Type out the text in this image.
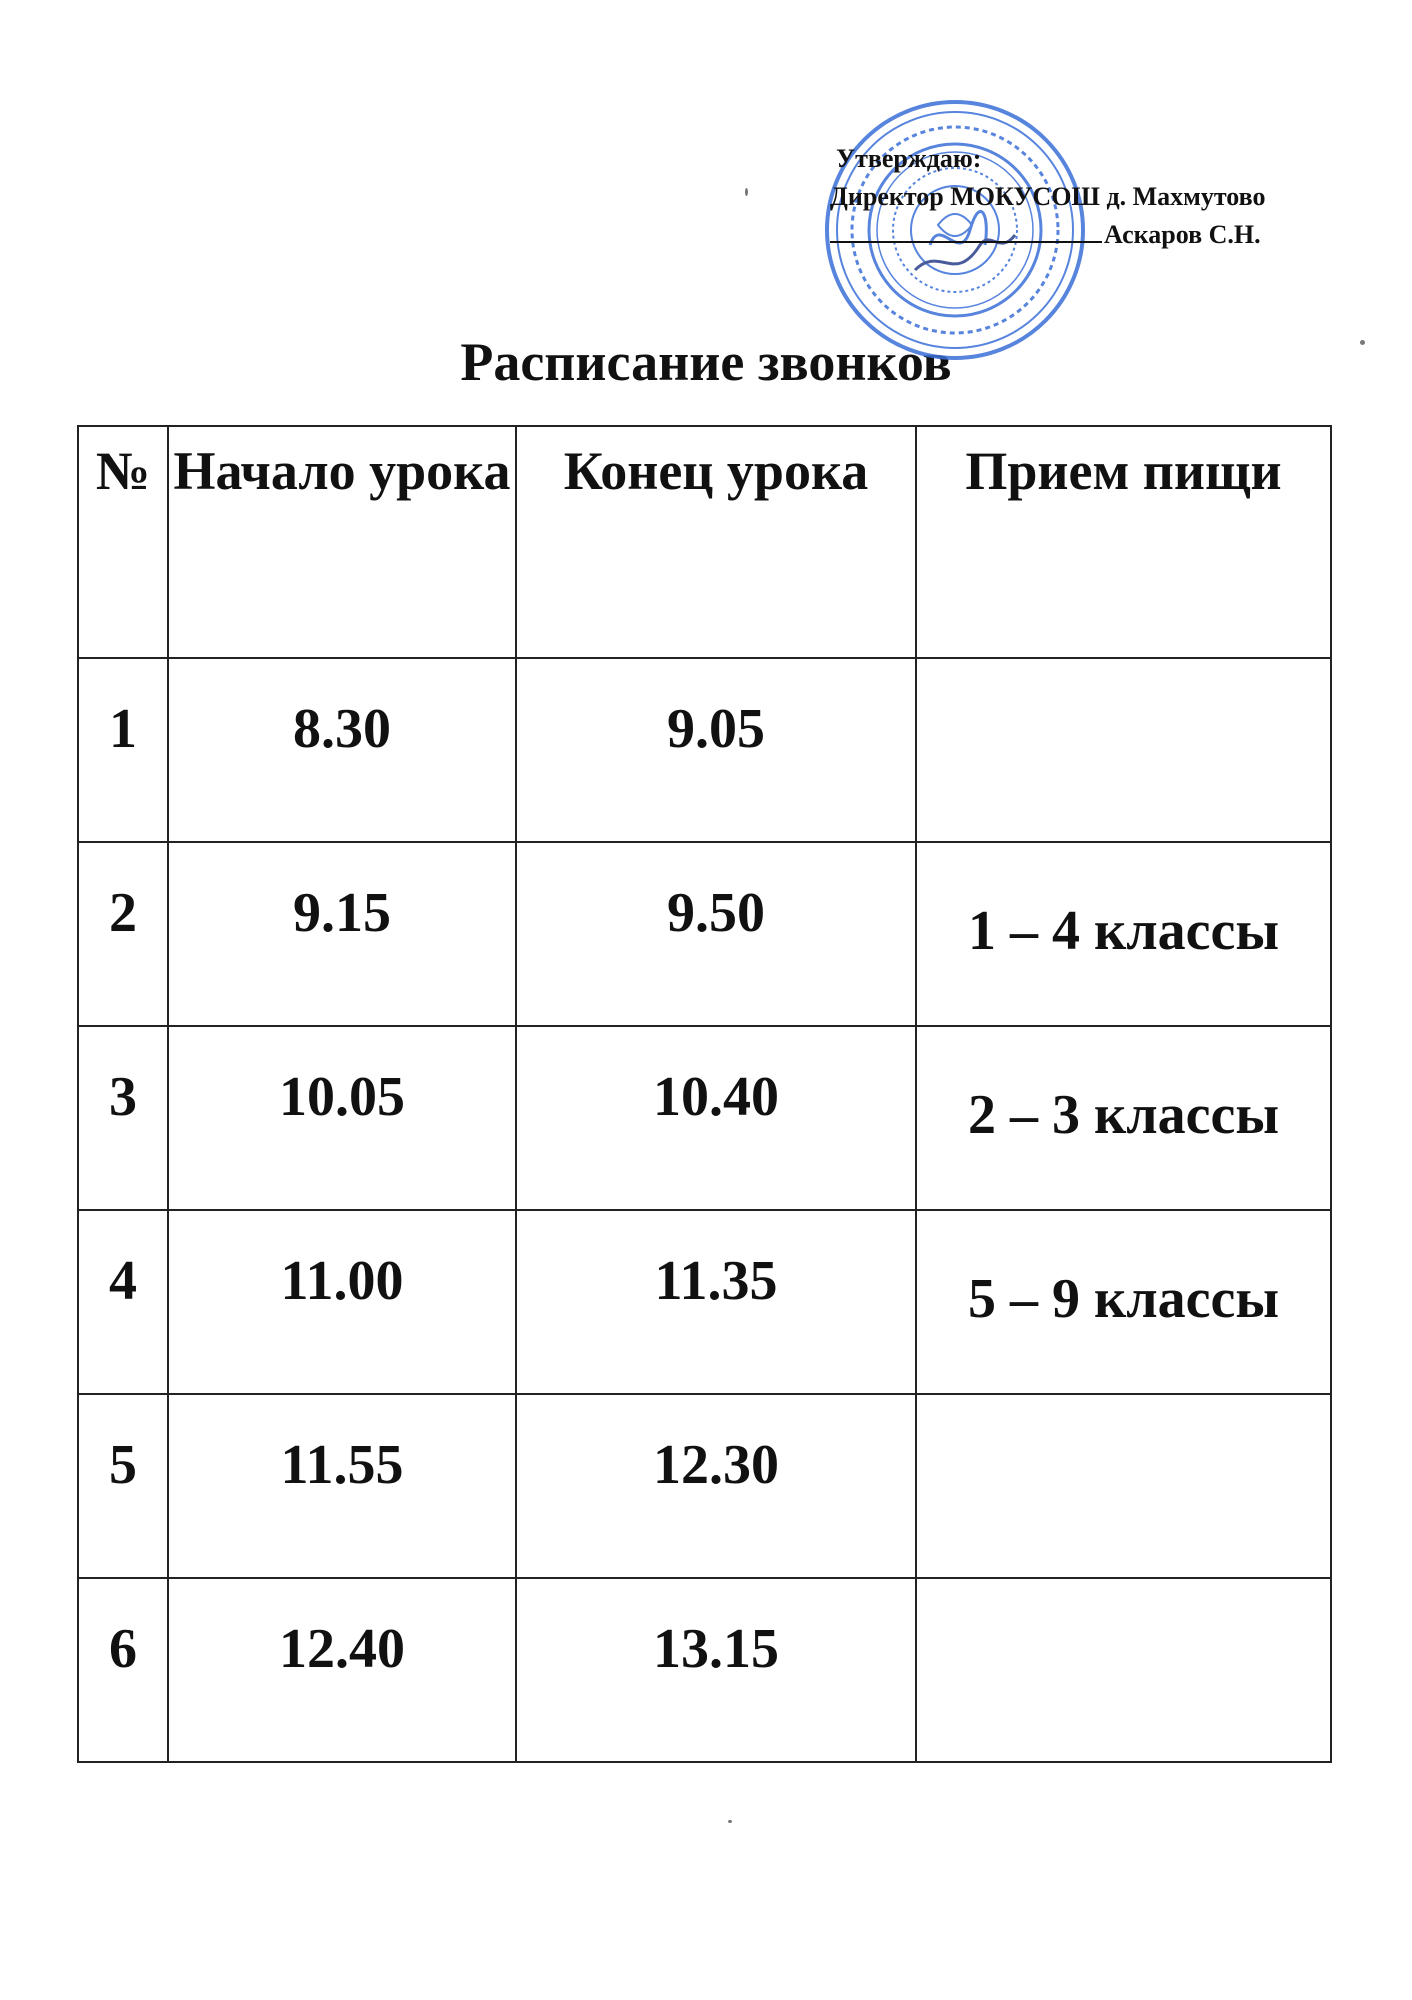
Утверждаю:
Директор МОКУСОШ д. Махмутово
Аскаров С.Н.
Расписание звонков
№	Начало урока	Конец урока	Прием пищи
1	8.30	9.05	
2	9.15	9.50	1 – 4 классы
3	10.05	10.40	2 – 3 классы
4	11.00	11.35	5 – 9 классы
5	11.55	12.30	
6	12.40	13.15	
